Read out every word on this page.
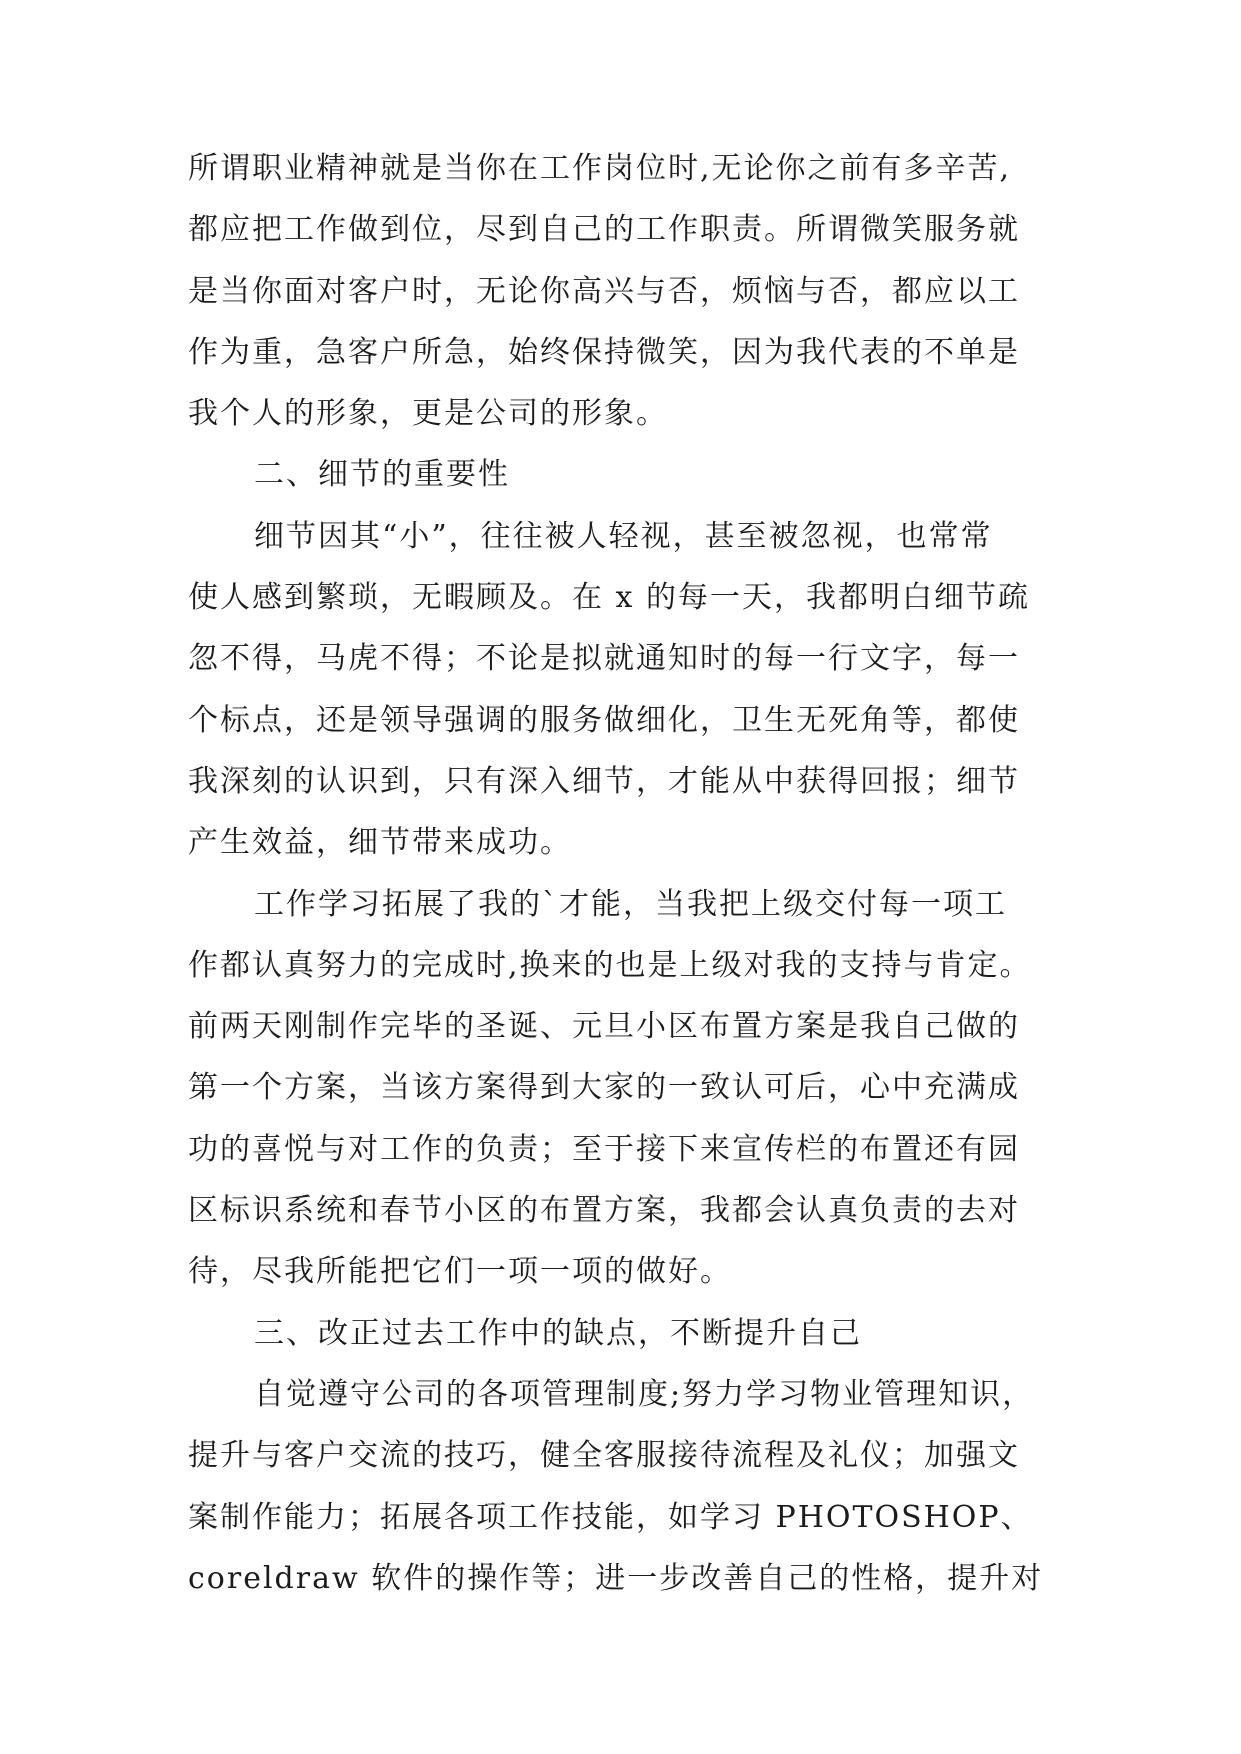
所谓职业精神就是当你在工作岗位时,无论你之前有多辛苦,
都应把工作做到位，尽到自己的工作职责。所谓微笑服务就
是当你面对客户时，无论你高兴与否，烦恼与否，都应以工
作为重，急客户所急，始终保持微笑，因为我代表的不单是
我个人的形象，更是公司的形象。
二、细节的重要性
细节因其“小”，往往被人轻视，甚至被忽视，也常常
使人感到繁琐，无暇顾及。在 x 的每一天，我都明白细节疏
忽不得，马虎不得；不论是拟就通知时的每一行文字，每一
个标点，还是领导强调的服务做细化，卫生无死角等，都使
我深刻的认识到，只有深入细节，才能从中获得回报；细节
产生效益，细节带来成功。
工作学习拓展了我的`才能，当我把上级交付每一项工
作都认真努力的完成时,换来的也是上级对我的支持与肯定。
前两天刚制作完毕的圣诞、元旦小区布置方案是我自己做的
第一个方案，当该方案得到大家的一致认可后，心中充满成
功的喜悦与对工作的负责；至于接下来宣传栏的布置还有园
区标识系统和春节小区的布置方案，我都会认真负责的去对
待，尽我所能把它们一项一项的做好。
三、改正过去工作中的缺点，不断提升自己
自觉遵守公司的各项管理制度;努力学习物业管理知识，
提升与客户交流的技巧，健全客服接待流程及礼仪；加强文
案制作能力；拓展各项工作技能，如学习 PHOTOSHOP、
coreldraw 软件的操作等；进一步改善自己的性格，提升对
